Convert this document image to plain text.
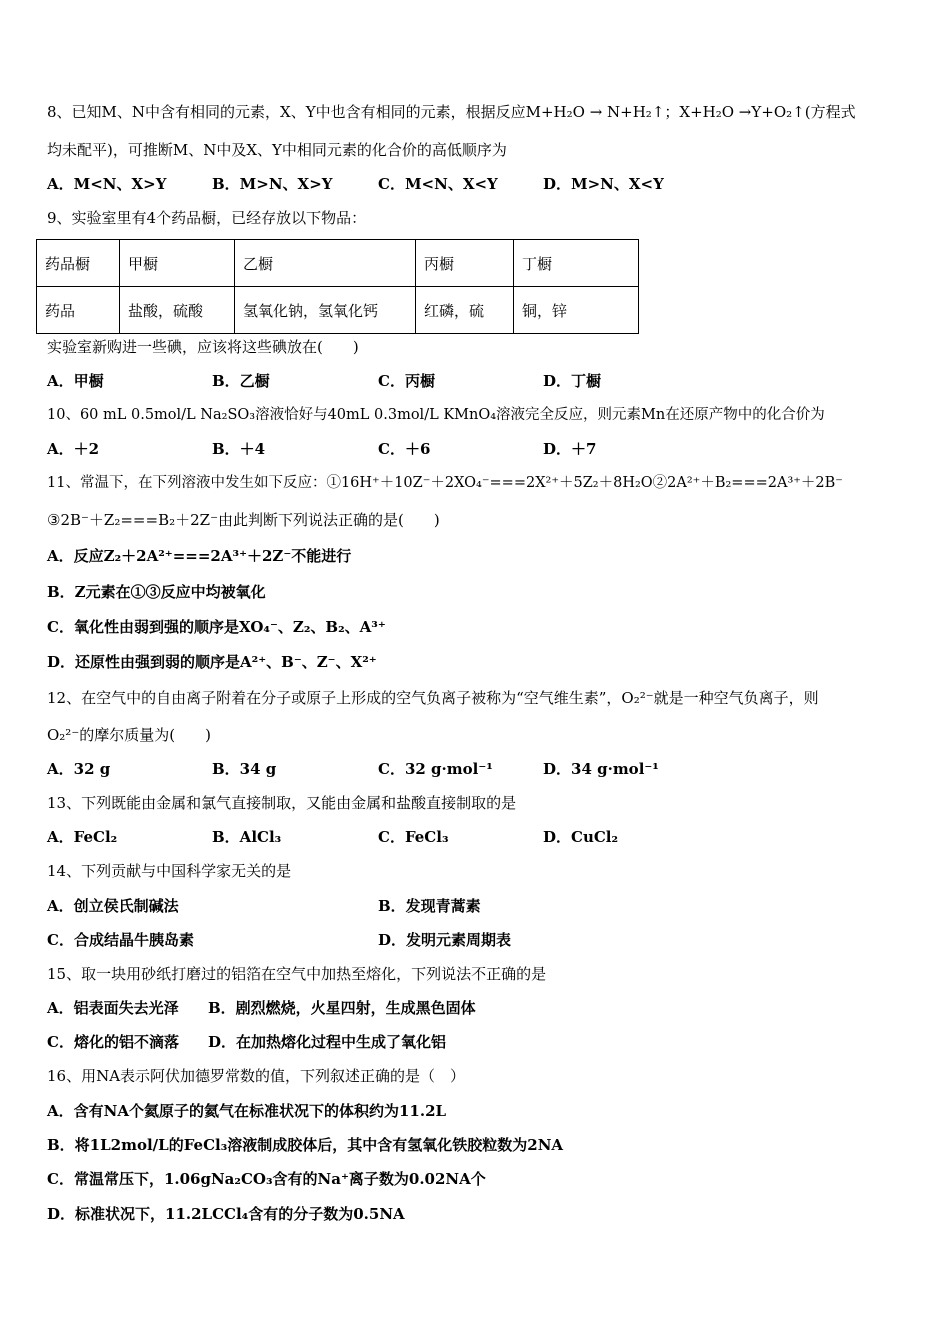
8、已知M、N中含有相同的元素，X、Y中也含有相同的元素，根据反应M+H₂O → N+H₂↑；X+H₂O →Y+O₂↑(方程式
均未配平)，可推断M、N中及X、Y中相同元素的化合价的高低顺序为
A．M<N、X>Y	B．M>N、X>Y	C．M<N、X<Y	D．M>N、X<Y
9、实验室里有4个药品橱，已经存放以下物品：
药品橱	甲橱	乙橱	丙橱	丁橱
药品	盐酸，硫酸	氢氧化钠，氢氧化钙	红磷，硫	铜，锌
实验室新购进一些碘，应该将这些碘放在(　　)
A．甲橱	B．乙橱	C．丙橱	D．丁橱
10、60 mL 0.5mol/L Na₂SO₃溶液恰好与40mL 0.3mol/L KMnO₄溶液完全反应，则元素Mn在还原产物中的化合价为
A．＋2	B．＋4	C．＋6	D．＋7
11、常温下，在下列溶液中发生如下反应：①16H⁺＋10Z⁻＋2XO₄⁻===2X²⁺＋5Z₂＋8H₂O②2A²⁺＋B₂===2A³⁺＋2B⁻
③2B⁻＋Z₂===B₂＋2Z⁻由此判断下列说法正确的是(　　)
A．反应Z₂＋2A²⁺===2A³⁺＋2Z⁻不能进行
B．Z元素在①③反应中均被氧化
C．氧化性由弱到强的顺序是XO₄⁻、Z₂、B₂、A³⁺
D．还原性由强到弱的顺序是A²⁺、B⁻、Z⁻、X²⁺
12、在空气中的自由离子附着在分子或原子上形成的空气负离子被称为“空气维生素”，O₂²⁻就是一种空气负离子，则
O₂²⁻的摩尔质量为(　　)
A．32 g	B．34 g	C．32 g·mol⁻¹	D．34 g·mol⁻¹
13、下列既能由金属和氯气直接制取，又能由金属和盐酸直接制取的是
A．FeCl₂	B．AlCl₃	C．FeCl₃	D．CuCl₂
14、下列贡献与中国科学家无关的是
A．创立侯氏制碱法	B．发现青蒿素
C．合成结晶牛胰岛素	D．发明元素周期表
15、取一块用砂纸打磨过的铝箔在空气中加热至熔化，下列说法不正确的是
A．铝表面失去光泽 B．剧烈燃烧，火星四射，生成黑色固体
C．熔化的铝不滴落 D．在加热熔化过程中生成了氧化铝
16、用NA表示阿伏加德罗常数的值，下列叙述正确的是（　）
A．含有NA个氦原子的氦气在标准状况下的体积约为11.2L
B．将1L2mol/L的FeCl₃溶液制成胶体后，其中含有氢氧化铁胶粒数为2NA
C．常温常压下，1.06gNa₂CO₃含有的Na⁺离子数为0.02NA个
D．标准状况下，11.2LCCl₄含有的分子数为0.5NA
